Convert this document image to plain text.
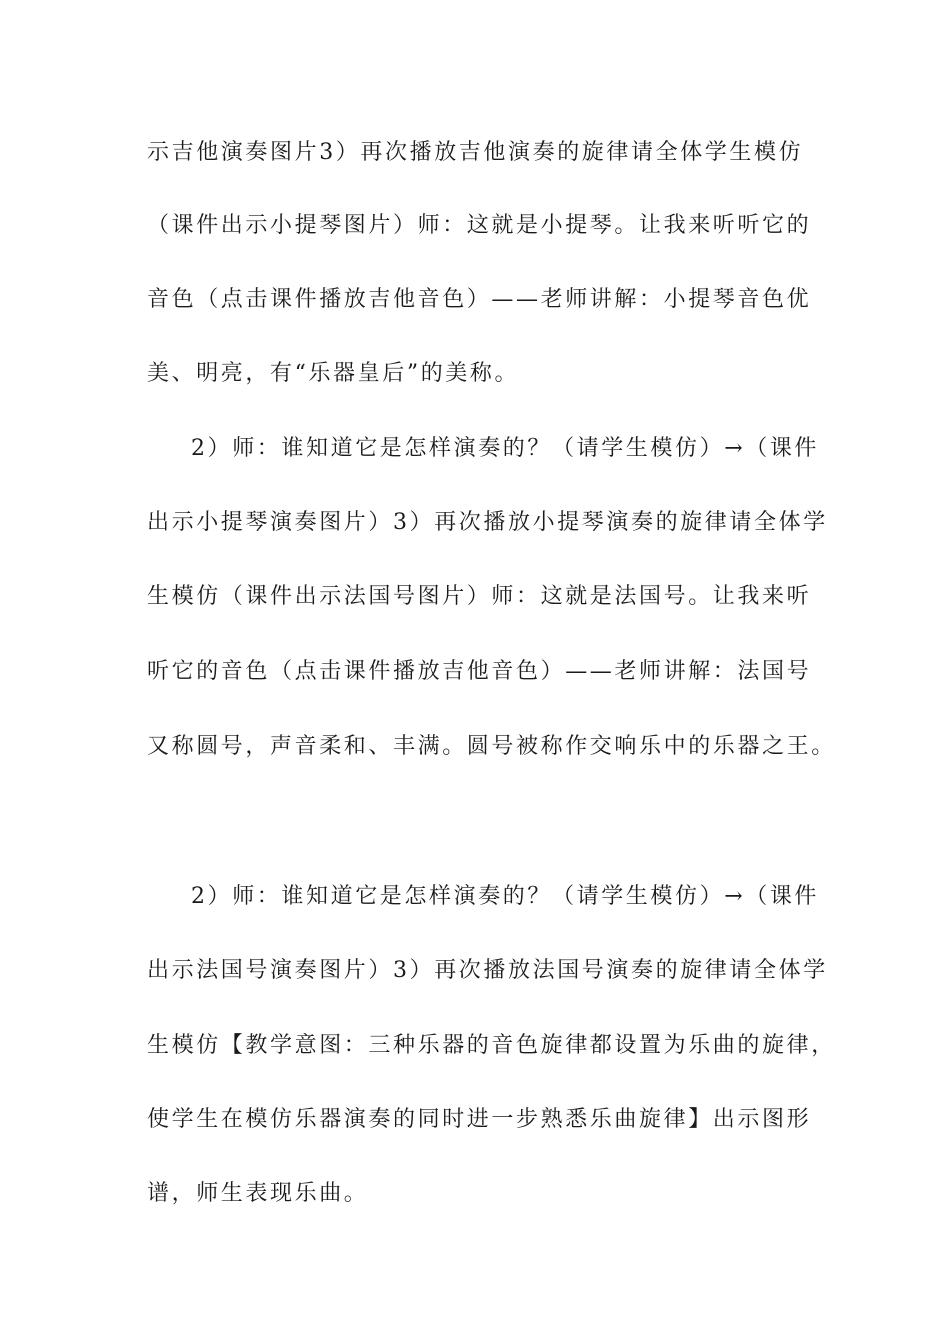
示吉他演奏图片3）再次播放吉他演奏的旋律请全体学生模仿
（课件出示小提琴图片）师：这就是小提琴。让我来听听它的
音色（点击课件播放吉他音色）——老师讲解：小提琴音色优
美、明亮，有“乐器皇后”的美称。
2）师：谁知道它是怎样演奏的？（请学生模仿）→（课件
出示小提琴演奏图片）3）再次播放小提琴演奏的旋律请全体学
生模仿（课件出示法国号图片）师：这就是法国号。让我来听
听它的音色（点击课件播放吉他音色）——老师讲解：法国号
又称圆号，声音柔和、丰满。圆号被称作交响乐中的乐器之王。
2）师：谁知道它是怎样演奏的？（请学生模仿）→（课件
出示法国号演奏图片）3）再次播放法国号演奏的旋律请全体学
生模仿【教学意图：三种乐器的音色旋律都设置为乐曲的旋律，
使学生在模仿乐器演奏的同时进一步熟悉乐曲旋律】出示图形
谱，师生表现乐曲。
